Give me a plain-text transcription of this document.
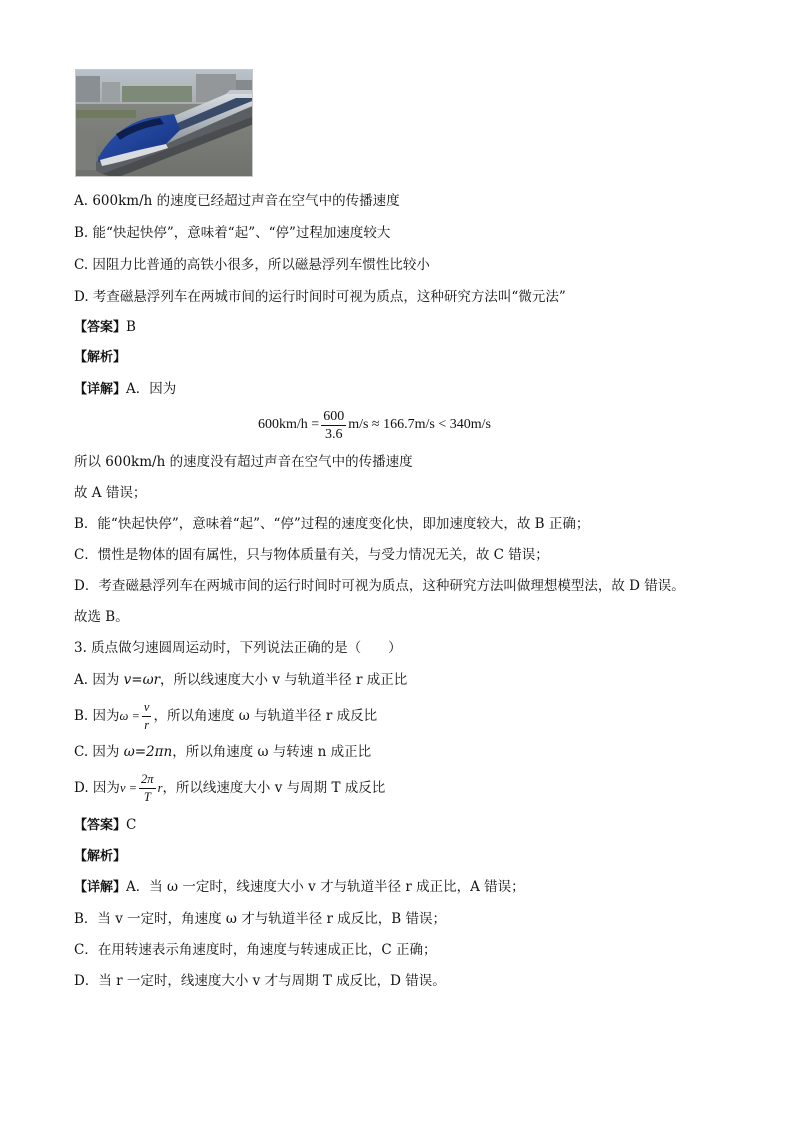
A. 600km/h 的速度已经超过声音在空气中的传播速度
B. 能“快起快停”，意味着“起”、“停”过程加速度较大
C. 因阻力比普通的高铁小很多，所以磁悬浮列车惯性比较小
D. 考查磁悬浮列车在两城市间的运行时间时可视为质点，这种研究方法叫“微元法”
【答案】B
【解析】
【详解】A．因为
$600km/h = \frac{600}{3.6} m/s \approx 166.7m/s < 340m/s$
所以 600km/h 的速度没有超过声音在空气中的传播速度
故 A 错误；
B．能“快起快停”，意味着“起”、“停”过程的速度变化快，即加速度较大，故 B 正确；
C．惯性是物体的固有属性，只与物体质量有关，与受力情况无关，故 C 错误；
D．考查磁悬浮列车在两城市间的运行时间时可视为质点，这种研究方法叫做理想模型法，故 D 错误。
故选 B。
3. 质点做匀速圆周运动时，下列说法正确的是（　　）
A. 因为 v=ωr，所以线速度大小 v 与轨道半径 r 成正比
B. 因为 $\omega = \frac{v}{r}$ ，所以角速度 ω 与轨道半径 r 成反比
C. 因为 ω=2πn，所以角速度 ω 与转速 n 成正比
D. 因为 $v = \frac{2\pi}{T}$ r ，所以线速度大小 v 与周期 T 成反比
【答案】C
【解析】
【详解】A．当 ω 一定时，线速度大小 v 才与轨道半径 r 成正比，A 错误；
B．当 v 一定时，角速度 ω 才与轨道半径 r 成反比，B 错误；
C．在用转速表示角速度时，角速度与转速成正比，C 正确；
D．当 r 一定时，线速度大小 v 才与周期 T 成反比，D 错误。
